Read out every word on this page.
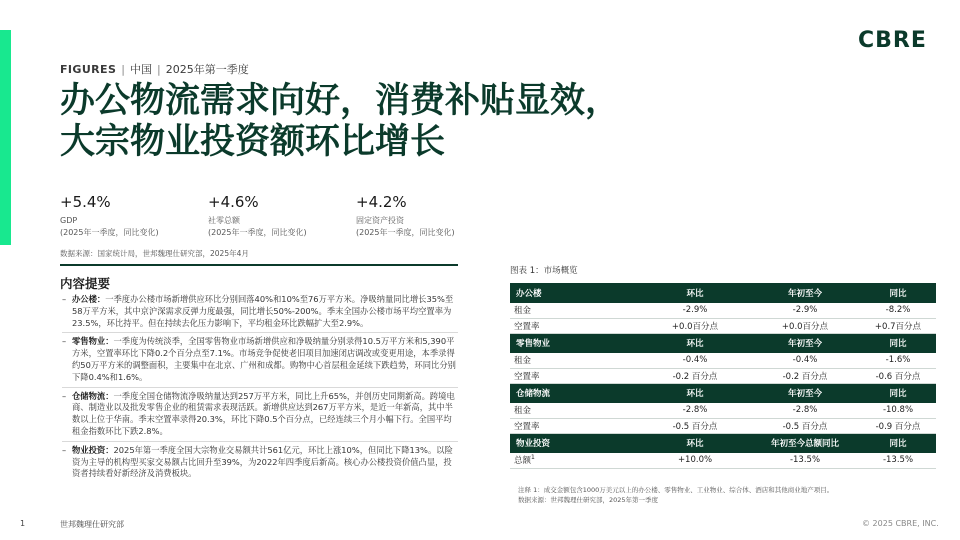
CBRE
FIGURES | 中国 | 2025年第一季度
办公物流需求向好，消费补贴显效，
大宗物业投资额环比增长
+5.4%
GDP
(2025年一季度，同比变化)
+4.6%
社零总额
(2025年一季度，同比变化)
+4.2%
固定资产投资
(2025年一季度，同比变化)
数据来源：国家统计局，世邦魏理仕研究部，2025年4月
内容提要
– 办公楼：一季度办公楼市场新增供应环比分别回落40%和10%至76万平方米。净吸纳量同比增长35%至58万平方米，其中京沪深需求反弹力度最强，同比增长50%-200%。季末全国办公楼市场平均空置率为23.5%，环比持平。但在持续去化压力影响下，平均租金环比跌幅扩大至2.9%。
– 零售物业：一季度为传统淡季，全国零售物业市场新增供应和净吸纳量分别录得10.5万平方米和5,390平方米，空置率环比下降0.2个百分点至7.1%。市场竞争促使老旧项目加速闭店调改或变更用途，本季录得约50万平方米的调整面积，主要集中在北京、广州和成都。购物中心首层租金延续下跌趋势，环同比分别下降0.4%和1.6%。
– 仓储物流：一季度全国仓储物流净吸纳量达到257万平方米，同比上升65%，并创历史同期新高。跨境电商、制造业以及批发零售企业的租赁需求表现活跃。新增供应达到267万平方米，是近一年新高，其中半数以上位于华南。季末空置率录得20.3%，环比下降0.5个百分点，已经连续三个月小幅下行。全国平均租金指数环比下跌2.8%。
– 物业投资：2025年第一季度全国大宗物业交易额共计561亿元，环比上涨10%，但同比下降13%。以险资为主导的机构型买家交易额占比回升至39%，为2022年四季度后新高。核心办公楼投资价值凸显，投资者持续看好新经济及消费板块。
图表 1：市场概览
办公楼	环比	年初至今	同比
租金	-2.9%	-2.9%	-8.2%
空置率	+0.0百分点	+0.0百分点	+0.7百分点
零售物业	环比	年初至今	同比
租金	-0.4%	-0.4%	-1.6%
空置率	-0.2 百分点	-0.2 百分点	-0.6 百分点
仓储物流	环比	年初至今	同比
租金	-2.8%	-2.8%	-10.8%
空置率	-0.5 百分点	-0.5 百分点	-0.9 百分点
物业投资	环比	年初至今总额同比	同比
总额$^1$	+10.0%	-13.5%	-13.5%
注释 1：成交金额包含1000万美元以上的办公楼、零售物业、工业物业、综合体、酒店和其他商业地产项目。
数据来源：世邦魏理仕研究部，2025年第一季度
1	世邦魏理仕研究部	© 2025 CBRE, INC.
